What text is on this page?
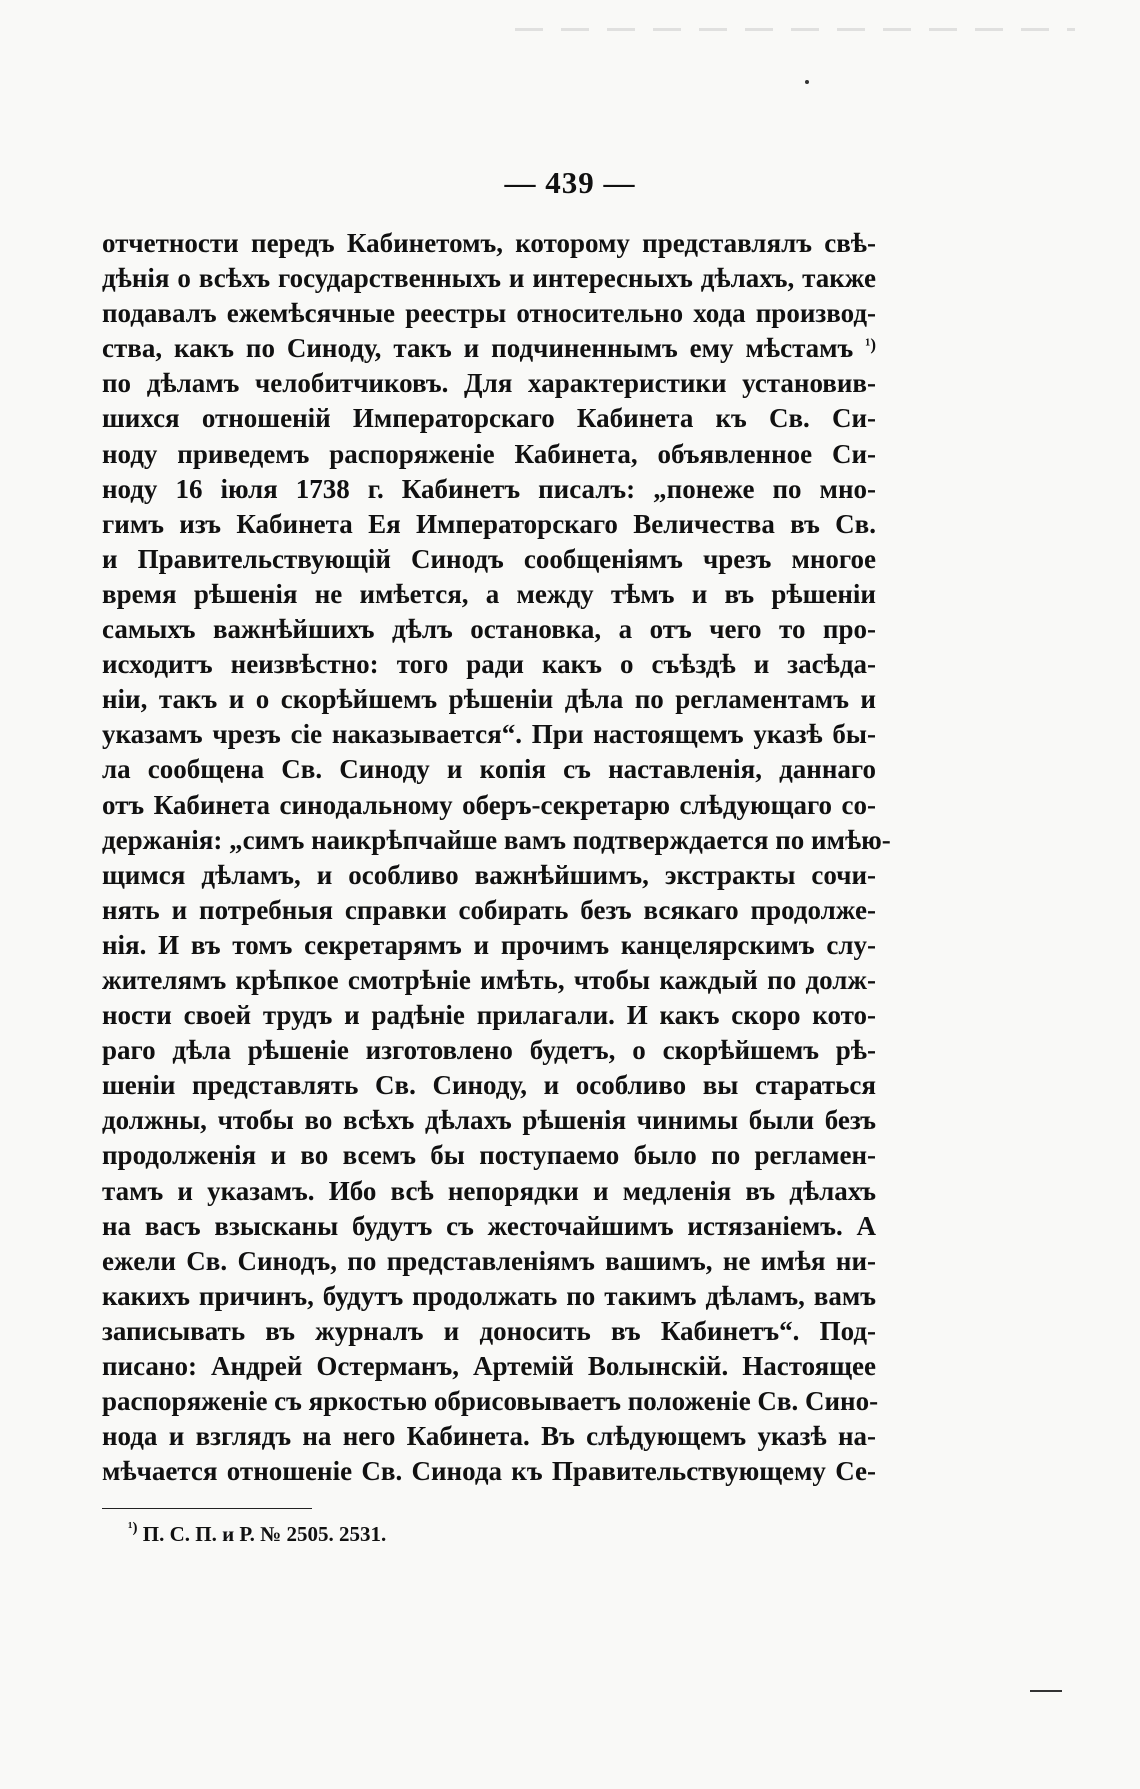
— 439 —
отчетности передъ Кабинетомъ, которому представлялъ свѣ-
дѣнія о всѣхъ государственныхъ и интересныхъ дѣлахъ, также
подавалъ ежемѣсячные реестры относительно хода производ-
ства, какъ по Синоду, такъ и подчиненнымъ ему мѣстамъ $^{^1)}$
по дѣламъ челобитчиковъ. Для характеристики установив-
шихся отношеній Императорскаго Кабинета къ Св. Си-
ноду приведемъ распоряженіе Кабинета, объявленное Си-
ноду 16 іюля 1738 г. Кабинетъ писалъ: „понеже по мно-
гимъ изъ Кабинета Ея Императорскаго Величества въ Св.
и Правительствующій Синодъ сообщеніямъ чрезъ многое
время рѣшенія не имѣется, а между тѣмъ и въ рѣшеніи
самыхъ важнѣйшихъ дѣлъ остановка, а отъ чего то про-
исходитъ неизвѣстно: того ради какъ о съѣздѣ и засѣда-
ніи, такъ и о скорѣйшемъ рѣшеніи дѣла по регламентамъ и
указамъ чрезъ сіе наказывается“. При настоящемъ указѣ бы-
ла сообщена Св. Синоду и копія съ наставленія, даннаго
отъ Кабинета синодальному оберъ-секретарю слѣдующаго со-
держанія: „симъ наикрѣпчайше вамъ подтверждается по имѣю-
щимся дѣламъ, и особливо важнѣйшимъ, экстракты сочи-
нять и потребныя справки собирать безъ всякаго продолже-
нія. И въ томъ секретарямъ и прочимъ канцелярскимъ слу-
жителямъ крѣпкое смотрѣніе имѣть, чтобы каждый по долж-
ности своей трудъ и радѣніе прилагали. И какъ скоро кото-
раго дѣла рѣшеніе изготовлено будетъ, о скорѣйшемъ рѣ-
шеніи представлять Св. Синоду, и особливо вы стараться
должны, чтобы во всѣхъ дѣлахъ рѣшенія чинимы были безъ
продолженія и во всемъ бы поступаемо было по регламен-
тамъ и указамъ. Ибо всѣ непорядки и медленія въ дѣлахъ
на васъ взысканы будутъ съ жесточайшимъ истязаніемъ. А
ежели Св. Синодъ, по представленіямъ вашимъ, не имѣя ни-
какихъ причинъ, будутъ продолжать по такимъ дѣламъ, вамъ
записывать въ журналъ и доносить въ Кабинетъ“. Под-
писано: Андрей Остерманъ, Артемій Волынскій. Настоящее
распоряженіе съ яркостью обрисовываетъ положеніе Св. Сино-
нода и взглядъ на него Кабинета. Въ слѣдующемъ указѣ на-
мѣчается отношеніе Св. Синода къ Правительствующему Се-
$^{^1)}$ П. С. П. и Р. № 2505. 2531.
